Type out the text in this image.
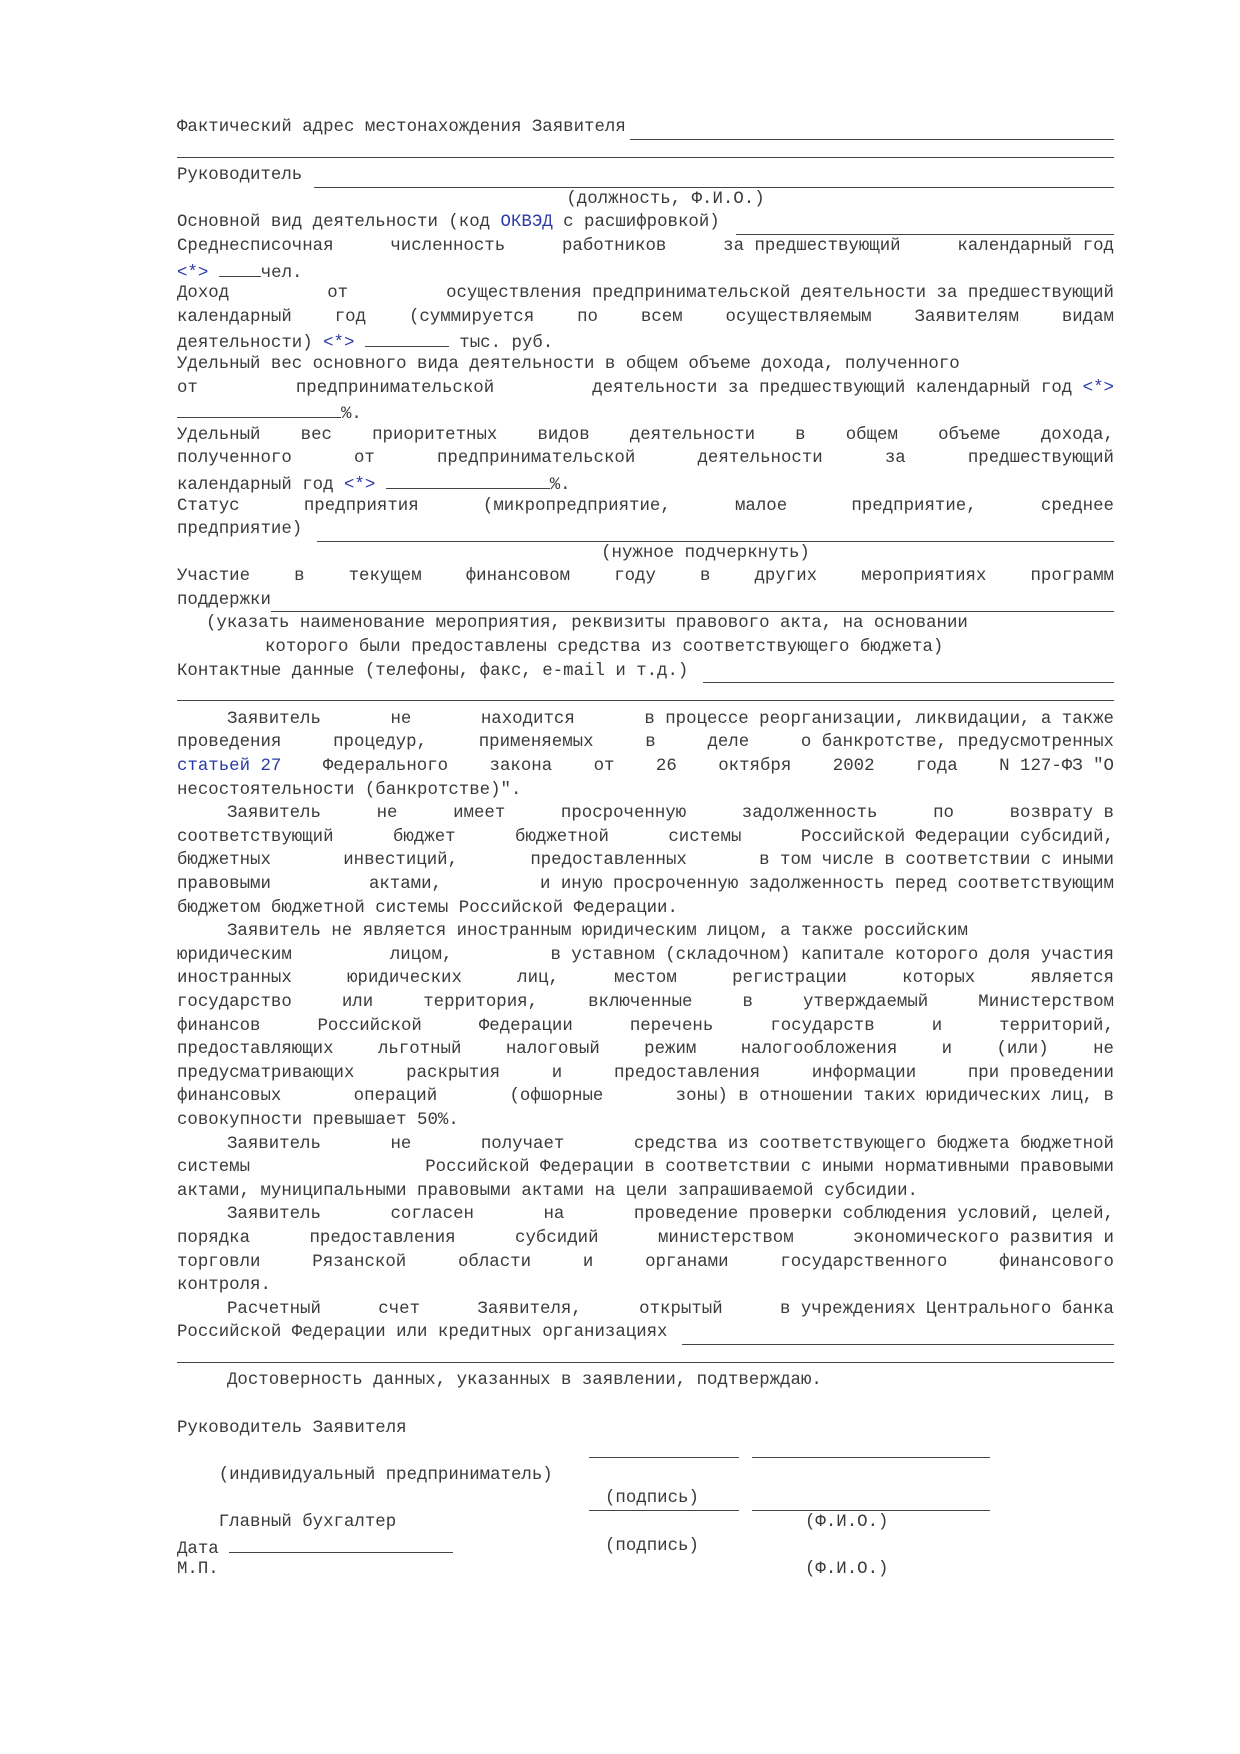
Фактический адрес местонахождения Заявителя
Руководитель
(должность, Ф.И.О.)
Основной вид деятельности (код ОКВЭД с расшифровкой)
Среднесписочная	численность	работников	за предшествующий	календарный год
<*>	чел.
Доход	от	осуществления предпринимательской деятельности за предшествующий
календарный год (суммируется по всем осуществляемым Заявителям видам
деятельности) <*>	тыс. руб.
Удельный вес основного вида деятельности в общем объеме дохода, полученного
от	предпринимательской	деятельности за предшествующий календарный год <*>
%.
Удельный вес приоритетных видов деятельности в общем объеме дохода,
полученного	от	предпринимательской	деятельности	за	предшествующий
календарный год <*>	%.
Статус	предприятия	(микропредприятие,	малое	предприятие,	среднее
предприятие)
(нужное подчеркнуть)
Участие	в	текущем	финансовом	году	в	других	мероприятиях	программ
поддержки
(указать наименование мероприятия, реквизиты правового акта, на основании
которого были предоставлены средства из соответствующего бюджета)
Контактные данные (телефоны, факс, e-mail и т.д.)
Заявитель	не	находится	в процессе реорганизации, ликвидации, а также
проведения	процедур,	применяемых	в	деле	о банкротстве, предусмотренных
статьей 27 Федерального закона от 26 октября 2002 года N 127-ФЗ "О
несостоятельности (банкротстве)".
Заявитель	не	имеет	просроченную	задолженность	по	возврату в
соответствующий	бюджет	бюджетной	системы	Российской Федерации субсидий,
бюджетных	инвестиций,	предоставленных	в том числе в соответствии с иными
правовыми	актами,	и иную просроченную задолженность перед соответствующим
бюджетом бюджетной системы Российской Федерации.
Заявитель не является иностранным юридическим лицом, а также российским
юридическим	лицом,	в уставном (складочном) капитале которого доля участия
иностранных	юридических	лиц,	местом	регистрации	которых	является
государство	или	территория,	включенные	в	утверждаемый	Министерством
финансов	Российской	Федерации	перечень	государств	и	территорий,
предоставляющих	льготный	налоговый	режим	налогообложения	и	(или)	не
предусматривающих	раскрытия	и	предоставления	информации	при проведении
финансовых	операций	(офшорные	зоны) в отношении таких юридических лиц, в
совокупности превышает 50%.
Заявитель	не	получает	средства из соответствующего бюджета бюджетной
системы	Российской Федерации в соответствии с иными нормативными правовыми
актами, муниципальными правовыми актами на цели запрашиваемой субсидии.
Заявитель	согласен	на	проведение проверки соблюдения условий, целей,
порядка	предоставления	субсидий	министерством	экономического развития и
торговли	Рязанской	области	и	органами	государственного	финансового
контроля.
Расчетный	счет	Заявителя,	открытый	в учреждениях Центрального банка
Российской Федерации или кредитных организациях
Достоверность данных, указанных в заявлении, подтверждаю.
Руководитель Заявителя

(индивидуальный предприниматель)

(подпись)

(Ф.И.О.)

Главный бухгалтер

(подпись)

(Ф.И.О.)

Дата
М.П.
